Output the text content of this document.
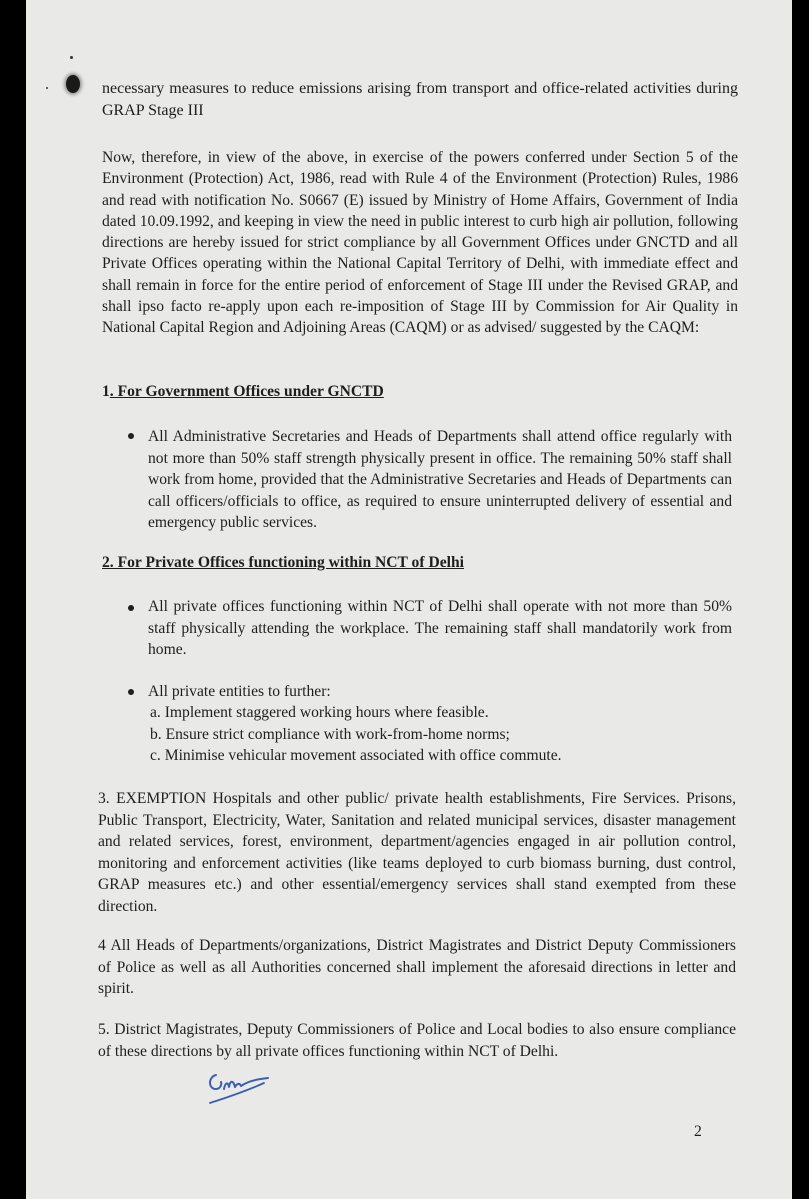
necessary measures to reduce emissions arising from transport and office-related activities during GRAP Stage III

Now, therefore, in view of the above, in exercise of the powers conferred under Section 5 of the Environment (Protection) Act, 1986, read with Rule 4 of the Environment (Protection) Rules, 1986 and read with notification No. S0667 (E) issued by Ministry of Home Affairs, Government of India dated 10.09.1992, and keeping in view the need in public interest to curb high air pollution, following directions are hereby issued for strict compliance by all Government Offices under GNCTD and all Private Offices operating within the National Capital Territory of Delhi, with immediate effect and shall remain in force for the entire period of enforcement of Stage III under the Revised GRAP, and shall ipso facto re-apply upon each re-imposition of Stage III by Commission for Air Quality in National Capital Region and Adjoining Areas (CAQM) or as advised/ suggested by the CAQM:

1. For Government Offices under GNCTD

All Administrative Secretaries and Heads of Departments shall attend office regularly with not more than 50% staff strength physically present in office. The remaining 50% staff shall work from home, provided that the Administrative Secretaries and Heads of Departments can call officers/officials to office, as required to ensure uninterrupted delivery of essential and emergency public services.

2. For Private Offices functioning within NCT of Delhi

All private offices functioning within NCT of Delhi shall operate with not more than 50% staff physically attending the workplace. The remaining staff shall mandatorily work from home.

All private entities to further:
a. Implement staggered working hours where feasible.
b. Ensure strict compliance with work-from-home norms;
c. Minimise vehicular movement associated with office commute.

3. EXEMPTION Hospitals and other public/ private health establishments, Fire Services. Prisons, Public Transport, Electricity, Water, Sanitation and related municipal services, disaster management and related services, forest, environment, department/agencies engaged in air pollution control, monitoring and enforcement activities (like teams deployed to curb biomass burning, dust control, GRAP measures etc.) and other essential/emergency services shall stand exempted from these direction.

4 All Heads of Departments/organizations, District Magistrates and District Deputy Commissioners of Police as well as all Authorities concerned shall implement the aforesaid directions in letter and spirit.

5. District Magistrates, Deputy Commissioners of Police and Local bodies to also ensure compliance of these directions by all private offices functioning within NCT of Delhi.

2
